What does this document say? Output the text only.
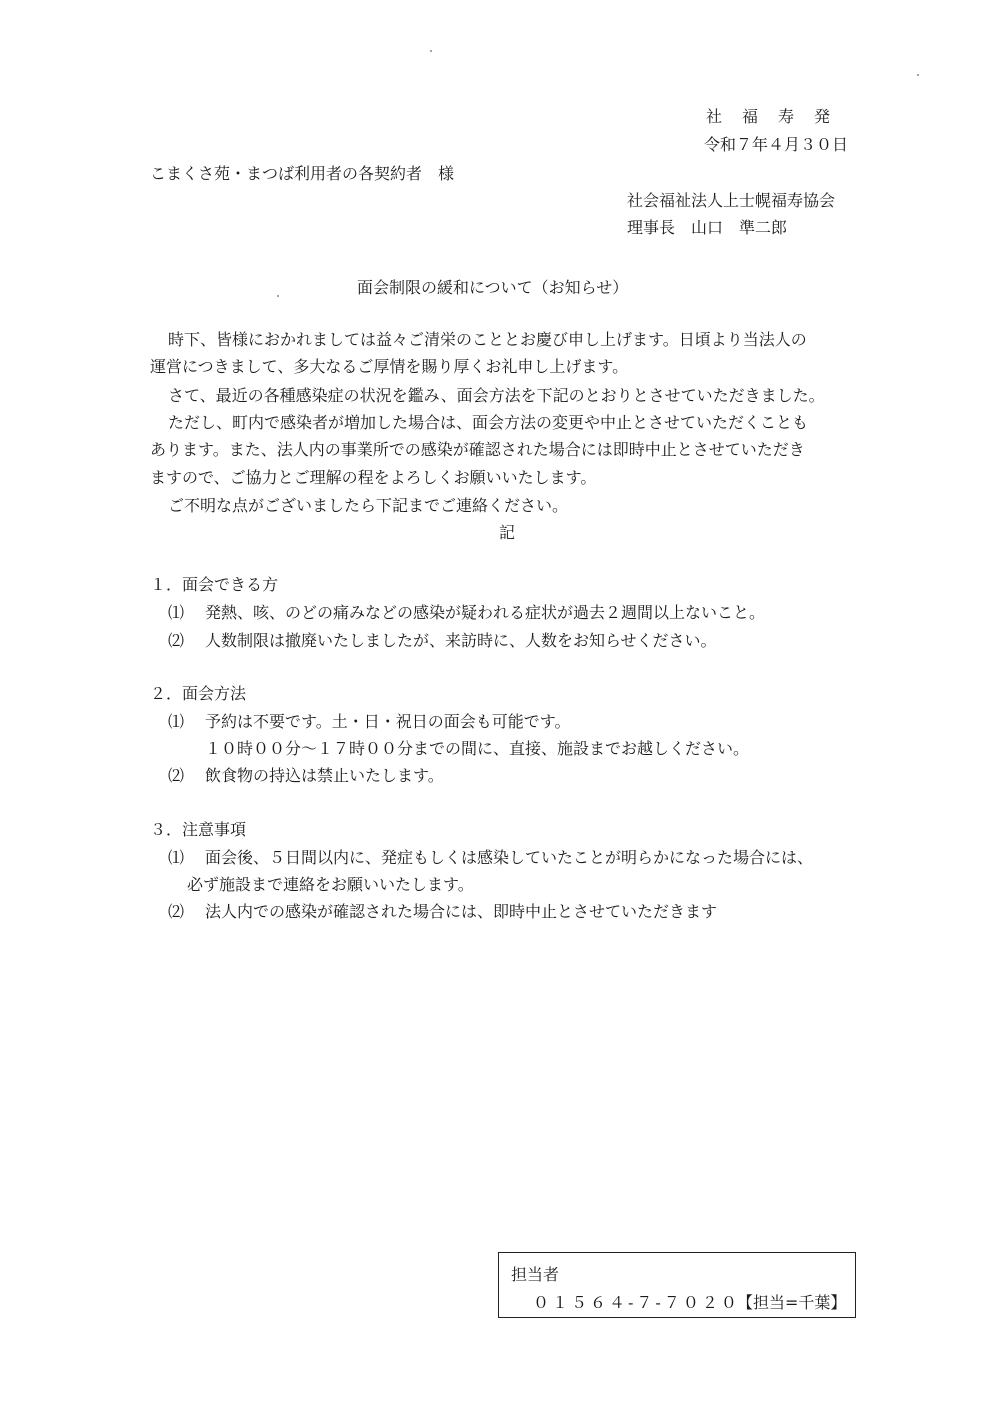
社　福　寿　発
令和７年４月３０日
こまくさ苑・まつば利用者の各契約者　様
社会福祉法人上士幌福寿協会
理事長　山口　準二郎
面会制限の緩和について（お知らせ）
時下、皆様におかれましては益々ご清栄のこととお慶び申し上げます。日頃より当法人の
運営につきまして、多大なるご厚情を賜り厚くお礼申し上げます。
さて、最近の各種感染症の状況を鑑み、面会方法を下記のとおりとさせていただきました。
ただし、町内で感染者が増加した場合は、面会方法の変更や中止とさせていただくことも
あります。また、法人内の事業所での感染が確認された場合には即時中止とさせていただき
ますので、ご協力とご理解の程をよろしくお願いいたします。
ご不明な点がございましたら下記までご連絡ください。
記
１．面会できる方
⑴ 発熱、咳、のどの痛みなどの感染が疑われる症状が過去２週間以上ないこと。
⑵ 人数制限は撤廃いたしましたが、来訪時に、人数をお知らせください。
２．面会方法
⑴ 予約は不要です。土・日・祝日の面会も可能です。
１０時００分～１７時００分までの間に、直接、施設までお越しください。
⑵ 飲食物の持込は禁止いたします。
３．注意事項
⑴ 面会後、５日間以内に、発症もしくは感染していたことが明らかになった場合には、
必ず施設まで連絡をお願いいたします。
⑵ 法人内での感染が確認された場合には、即時中止とさせていただきます
担当者
０１５６４-７-７０２０
【担当=千葉】
